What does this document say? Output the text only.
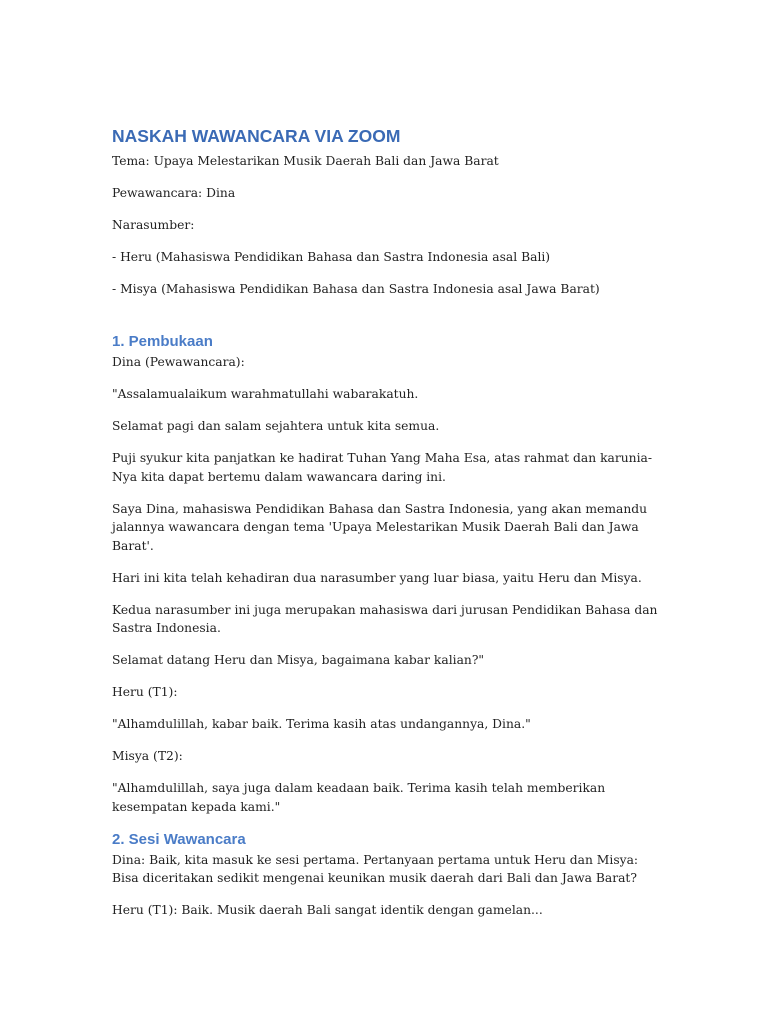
NASKAH WAWANCARA VIA ZOOM

Tema: Upaya Melestarikan Musik Daerah Bali dan Jawa Barat

Pewawancara: Dina

Narasumber:

- Heru (Mahasiswa Pendidikan Bahasa dan Sastra Indonesia asal Bali)

- Misya (Mahasiswa Pendidikan Bahasa dan Sastra Indonesia asal Jawa Barat)

1. Pembukaan

Dina (Pewawancara):

"Assalamualaikum warahmatullahi wabarakatuh.

Selamat pagi dan salam sejahtera untuk kita semua.

Puji syukur kita panjatkan ke hadirat Tuhan Yang Maha Esa, atas rahmat dan karunia-Nya kita dapat bertemu dalam wawancara daring ini.

Saya Dina, mahasiswa Pendidikan Bahasa dan Sastra Indonesia, yang akan memandu jalannya wawancara dengan tema 'Upaya Melestarikan Musik Daerah Bali dan Jawa Barat'.

Hari ini kita telah kehadiran dua narasumber yang luar biasa, yaitu Heru dan Misya.

Kedua narasumber ini juga merupakan mahasiswa dari jurusan Pendidikan Bahasa dan Sastra Indonesia.

Selamat datang Heru dan Misya, bagaimana kabar kalian?"

Heru (T1):

"Alhamdulillah, kabar baik. Terima kasih atas undangannya, Dina."

Misya (T2):

"Alhamdulillah, saya juga dalam keadaan baik. Terima kasih telah memberikan kesempatan kepada kami."

2. Sesi Wawancara

Dina: Baik, kita masuk ke sesi pertama. Pertanyaan pertama untuk Heru dan Misya: Bisa diceritakan sedikit mengenai keunikan musik daerah dari Bali dan Jawa Barat?

Heru (T1): Baik. Musik daerah Bali sangat identik dengan gamelan...
